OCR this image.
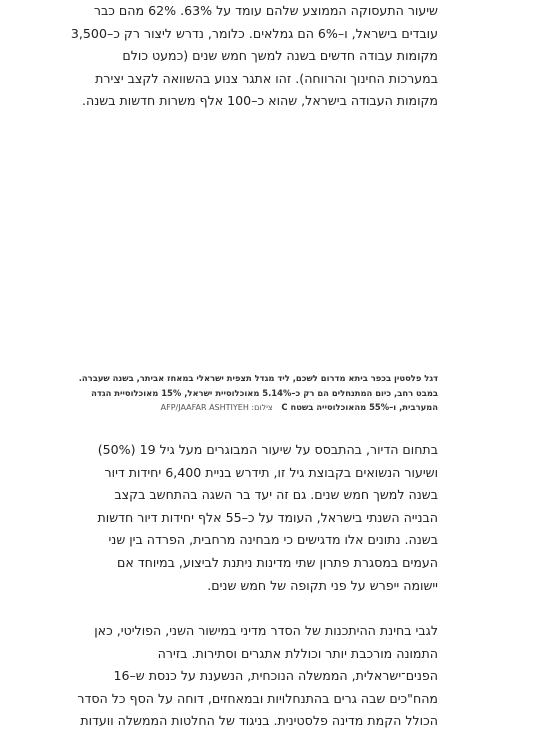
שיעור התעסוקה הממוצע שלהם עומד על 63%. 62% מהם כבר
עובדים בישראל, ו–6% הם גמלאים. כלומר, נדרש ליצור רק כ–3,500
מקומות עבודה חדשים בשנה למשך חמש שנים (כמעט כולם
במערכות החינוך והרווחה). זהו אתגר צנוע בהשוואה לקצב יצירת
מקומות העבודה בישראל, שהוא כ–100 אלף משרות חדשות בשנה.
דגל פלסטין בכפר ביתא מדרום לשכם, ליד מגדל תצפית ישראלי במאחז אביתר, בשנה שעברה.
במבט רחב, כיום המתנחלים הם רק כ–5.14% מאוכלוסיית ישראל, 15% מאוכלוסיית הגדה
המערבית, ו–55% מהאוכלוסייה בשטח C   צילום: AFP/JAAFAR ASHTIYEH
בתחום הדיור, בהתבסס על שיעור המבוגרים מעל גיל 19 (50%)
ושיעור הנשואים בקבוצת גיל זו, תידרש בניית 6,400 יחידות דיור
בשנה למשך חמש שנים. גם זה יעד בר השגה בהתחשב בקצב
הבנייה השנתי בישראל, העומד על כ–55 אלף יחידות דיור חדשות
בשנה. נתונים אלו מדגישים כי מבחינה מרחבית, הפרדה בין שני
העמים במסגרת פתרון שתי מדינות ניתנת לביצוע, במיוחד אם
יישומה ייפרש על פני תקופה של חמש שנים.
לגבי בחינת ההיתכנות של הסדר מדיני במישור השני, הפוליטי, כאן
התמונה מורכבת יותר וכוללת אתגרים וסתירות. בזירה
הפנים־ישראלית, הממשלה הנוכחית, הנשענת על כנסת ש–16
מהח"כים שבה גרים בהתנחלויות ובמאחזים, דוחה על הסף כל הסדר
הכולל הקמת מדינה פלסטינית. בניגוד של החלטות הממשלה וועדות
